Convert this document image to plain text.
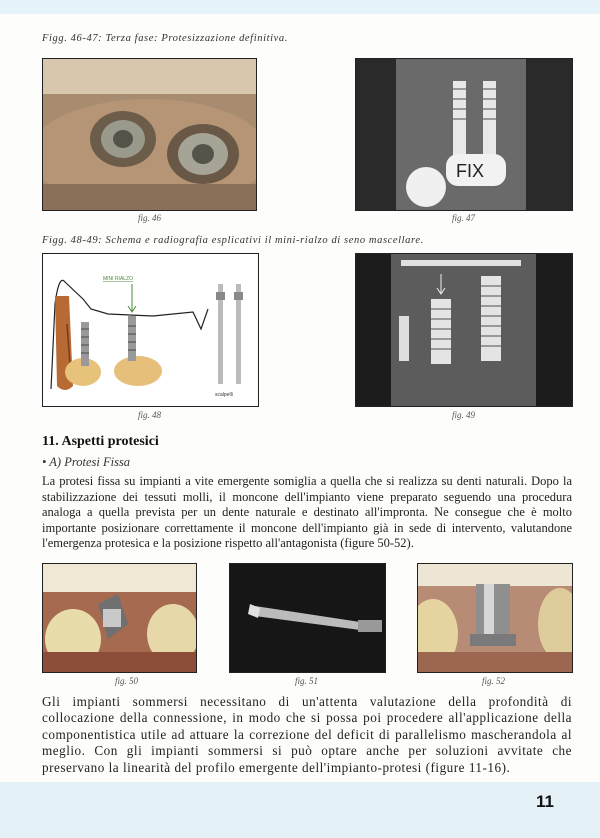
Figg. 46-47: Terza fase: Protesizzazione definitiva.
fig. 46
FIX
fig. 47
Figg. 48-49: Schema e radiografia esplicativi il mini-rialzo di seno mascellare.
MINI RIALZO
scalpelli
fig. 48	fig. 49
11. Aspetti protesici
• A) Protesi Fissa

La protesi fissa su impianti a vite emergente somiglia a quella che si realizza su denti naturali. Dopo la stabilizzazione dei tessuti molli, il moncone dell'impianto viene preparato seguendo una procedura analoga a quella prevista per un dente naturale e destinato all'impronta. Ne consegue che è molto importante posizionare correttamente il moncone dell'impianto già in sede di intervento, valutandone l'emergenza protesica e la posizione rispetto all'antagonista (figure 50-52).

fig. 50	fig. 51	fig. 52

Gli impianti sommersi necessitano di un'attenta valutazione della profondità di collocazione della connessione, in modo che si possa poi procedere all'applicazione della componentistica utile ad attuare la correzione del deficit di parallelismo mascherandola al meglio. Con gli impianti sommersi si può optare anche per soluzioni avvitate che preservano la linearità del profilo emergente dell'impianto-protesi (figure 11-16).

11
